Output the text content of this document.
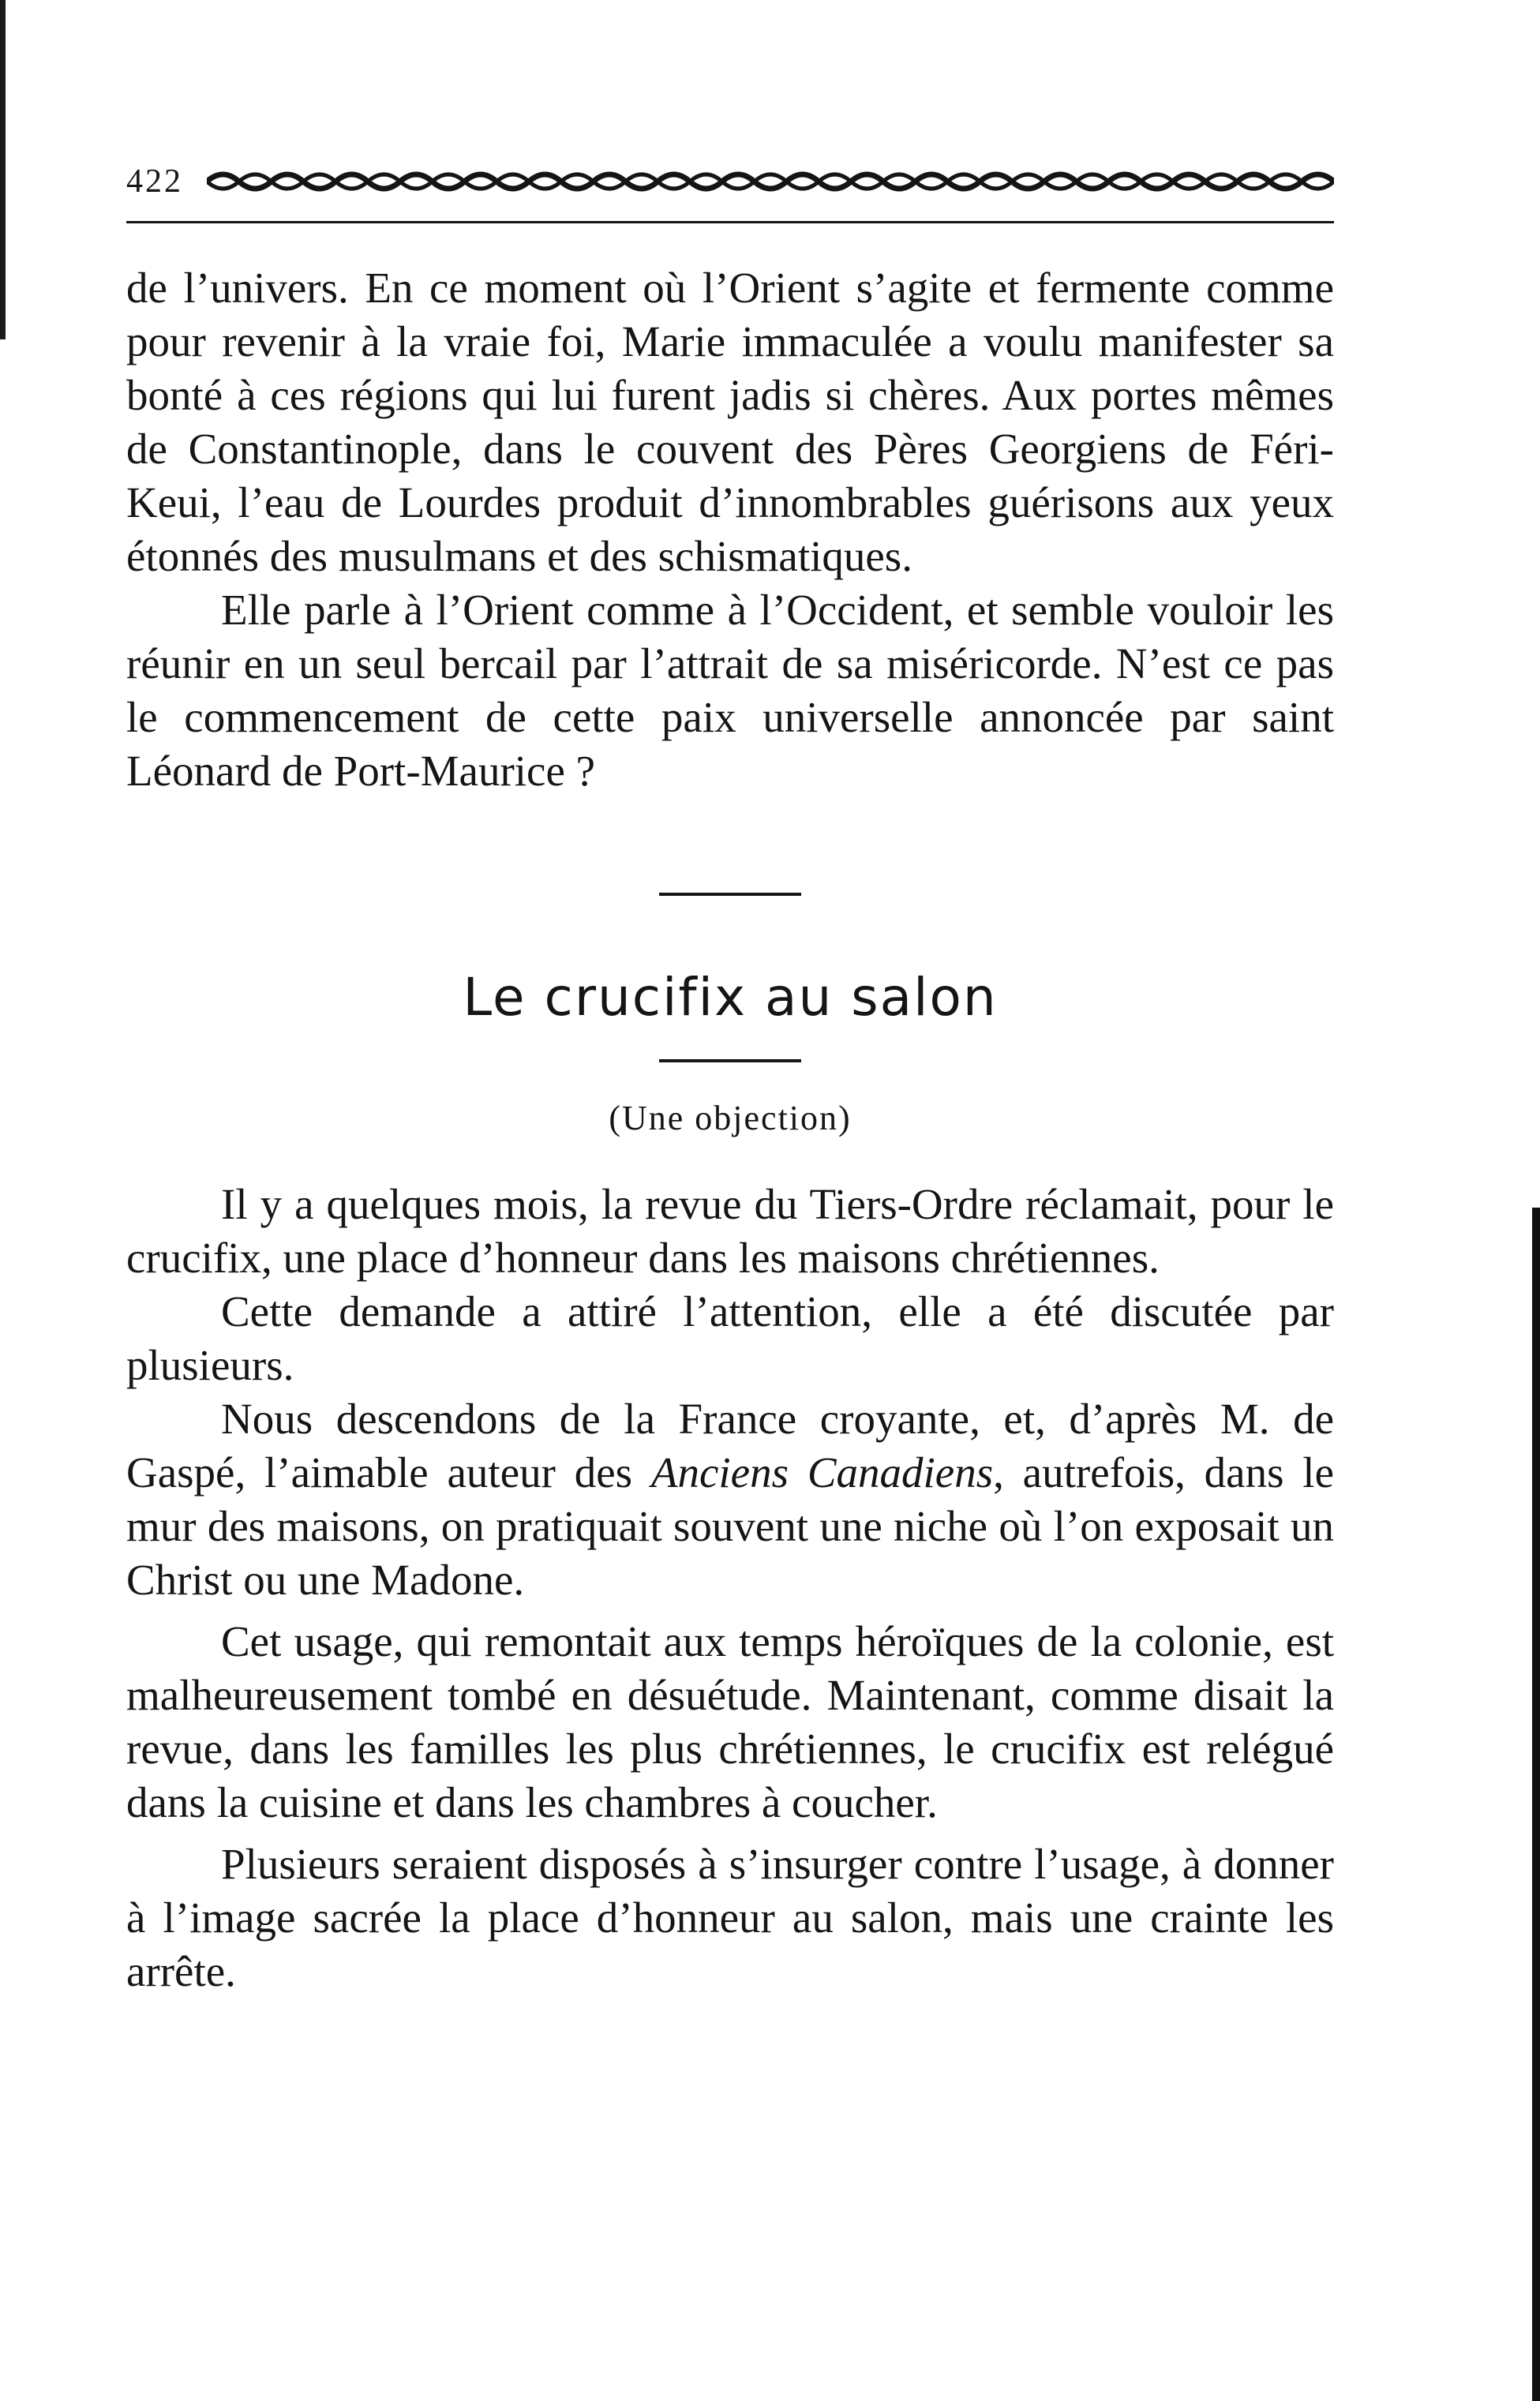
422

de l’univers. En ce moment où l’Orient s’agite et fermente comme pour revenir à la vraie foi, Marie immaculée a voulu manifester sa bonté à ces régions qui lui furent jadis si chères. Aux portes mêmes de Constantinople, dans le couvent des Pères Georgiens de Féri-Keui, l’eau de Lourdes produit d’innombrables guérisons aux yeux étonnés des musulmans et des schismatiques.

Elle parle à l’Orient comme à l’Occident, et semble vouloir les réunir en un seul bercail par l’attrait de sa miséricorde. N’est ce pas le commencement de cette paix universelle annoncée par saint Léonard de Port-Maurice ?

Le crucifix au salon
(Une objection)

Il y a quelques mois, la revue du Tiers-Ordre réclamait, pour le crucifix, une place d’honneur dans les maisons chrétiennes.

Cette demande a attiré l’attention, elle a été discutée par plusieurs.

Nous descendons de la France croyante, et, d’après M. de Gaspé, l’aimable auteur des Anciens Canadiens, autrefois, dans le mur des maisons, on pratiquait souvent une niche où l’on exposait un Christ ou une Madone.

Cet usage, qui remontait aux temps héroïques de la colonie, est malheureusement tombé en désuétude. Maintenant, comme disait la revue, dans les familles les plus chrétiennes, le crucifix est relégué dans la cuisine et dans les chambres à coucher.

Plusieurs seraient disposés à s’insurger contre l’usage, à donner à l’image sacrée la place d’honneur au salon, mais une crainte les arrête.
